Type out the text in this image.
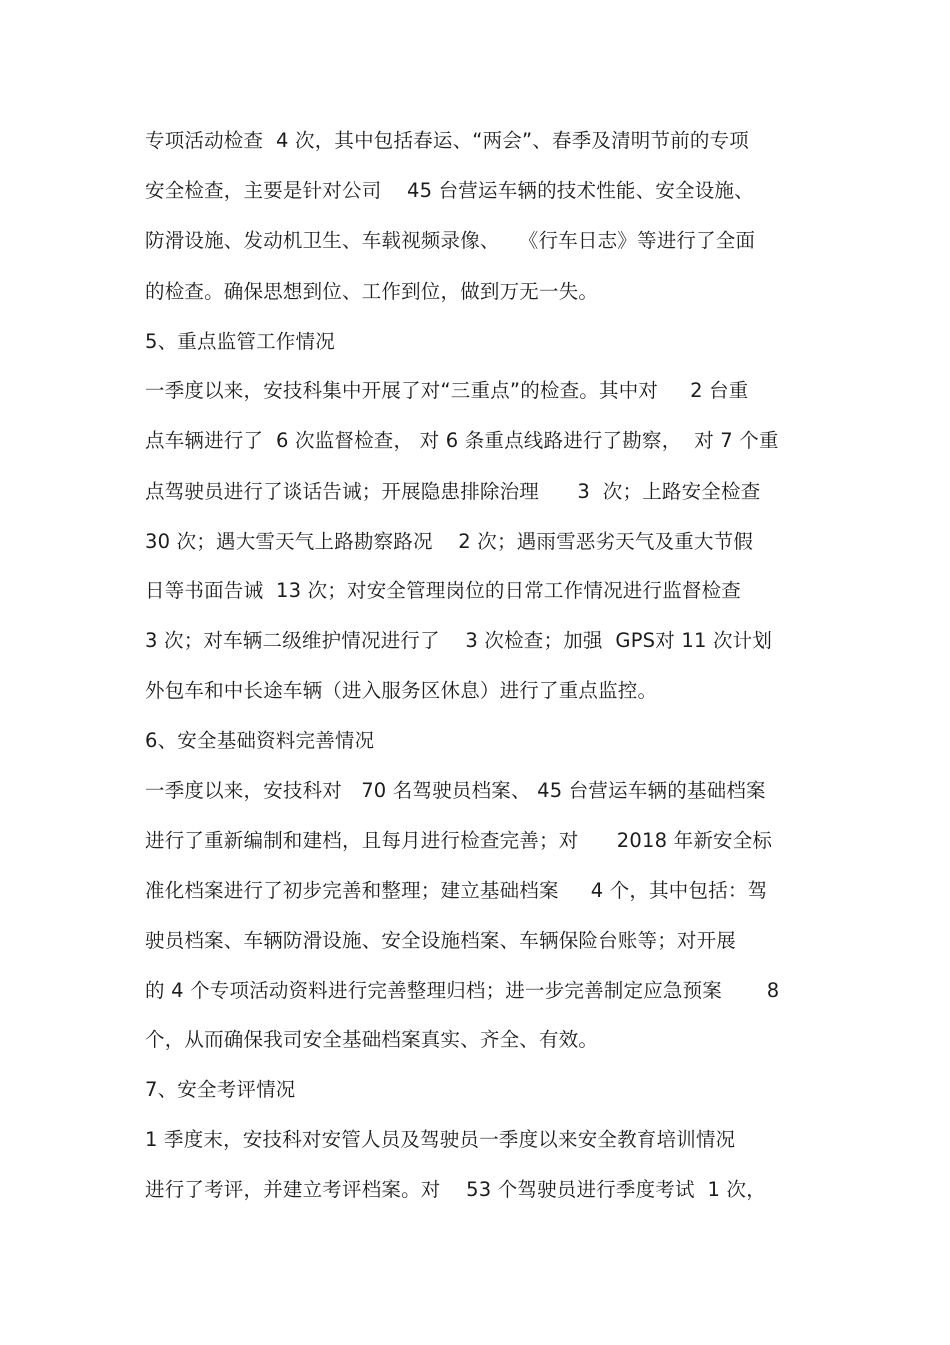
专项活动检查  4 次，其中包括春运、“两会”、春季及清明节前的专项
安全检查，主要是针对公司    45 台营运车辆的技术性能、安全设施、
防滑设施、发动机卫生、车载视频录像、   《行车日志》等进行了全面
的检查。确保思想到位、工作到位，做到万无一失。
5、重点监管工作情况
一季度以来，安技科集中开展了对“三重点”的检查。其中对     2 台重
点车辆进行了  6 次监督检查， 对 6 条重点线路进行了勘察，  对 7 个重
点驾驶员进行了谈话告诫；开展隐患排除治理      3  次；上路安全检查
30 次；遇大雪天气上路勘察路况    2 次；遇雨雪恶劣天气及重大节假
日等书面告诫  13 次；对安全管理岗位的日常工作情况进行监督检查
3 次；对车辆二级维护情况进行了    3 次检查；加强  GPS对 11 次计划
外包车和中长途车辆（进入服务区休息）进行了重点监控。
6、安全基础资料完善情况
一季度以来，安技科对   70 名驾驶员档案、 45 台营运车辆的基础档案
进行了重新编制和建档，且每月进行检查完善；对      2018 年新安全标
准化档案进行了初步完善和整理；建立基础档案     4 个，其中包括：驾
驶员档案、车辆防滑设施、安全设施档案、车辆保险台账等；对开展
的 4 个专项活动资料进行完善整理归档；进一步完善制定应急预案       8
个，从而确保我司安全基础档案真实、齐全、有效。
7、安全考评情况
1 季度末，安技科对安管人员及驾驶员一季度以来安全教育培训情况
进行了考评，并建立考评档案。对    53 个驾驶员进行季度考试  1 次，
